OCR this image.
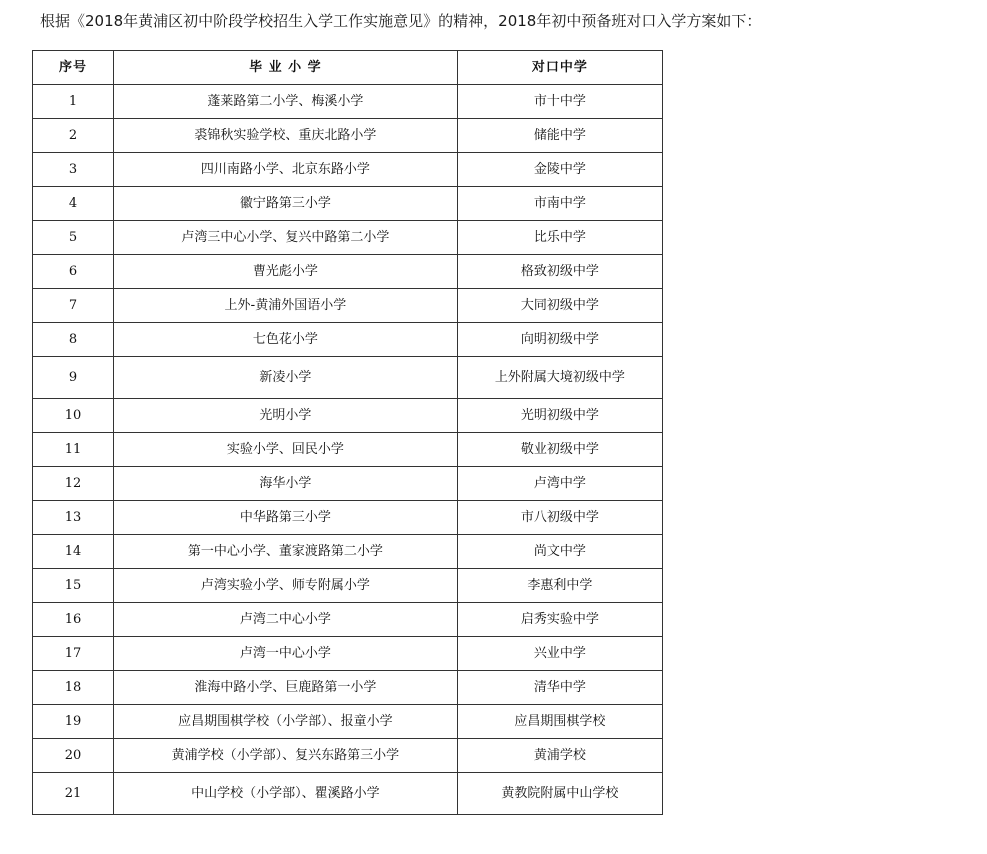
根据《2018年黄浦区初中阶段学校招生入学工作实施意见》的精神，2018年初中预备班对口入学方案如下：
序号	毕 业 小 学	对口中学
1	蓬莱路第二小学、梅溪小学	市十中学
2	裘锦秋实验学校、重庆北路小学	储能中学
3	四川南路小学、北京东路小学	金陵中学
4	徽宁路第三小学	市南中学
5	卢湾三中心小学、复兴中路第二小学	比乐中学
6	曹光彪小学	格致初级中学
7	上外-黄浦外国语小学	大同初级中学
8	七色花小学	向明初级中学
9	新凌小学	上外附属大境初级中学
10	光明小学	光明初级中学
11	实验小学、回民小学	敬业初级中学
12	海华小学	卢湾中学
13	中华路第三小学	市八初级中学
14	第一中心小学、董家渡路第二小学	尚文中学
15	卢湾实验小学、师专附属小学	李惠利中学
16	卢湾二中心小学	启秀实验中学
17	卢湾一中心小学	兴业中学
18	淮海中路小学、巨鹿路第一小学	清华中学
19	应昌期围棋学校（小学部）、报童小学	应昌期围棋学校
20	黄浦学校（小学部）、复兴东路第三小学	黄浦学校
21	中山学校（小学部）、瞿溪路小学	黄教院附属中山学校
